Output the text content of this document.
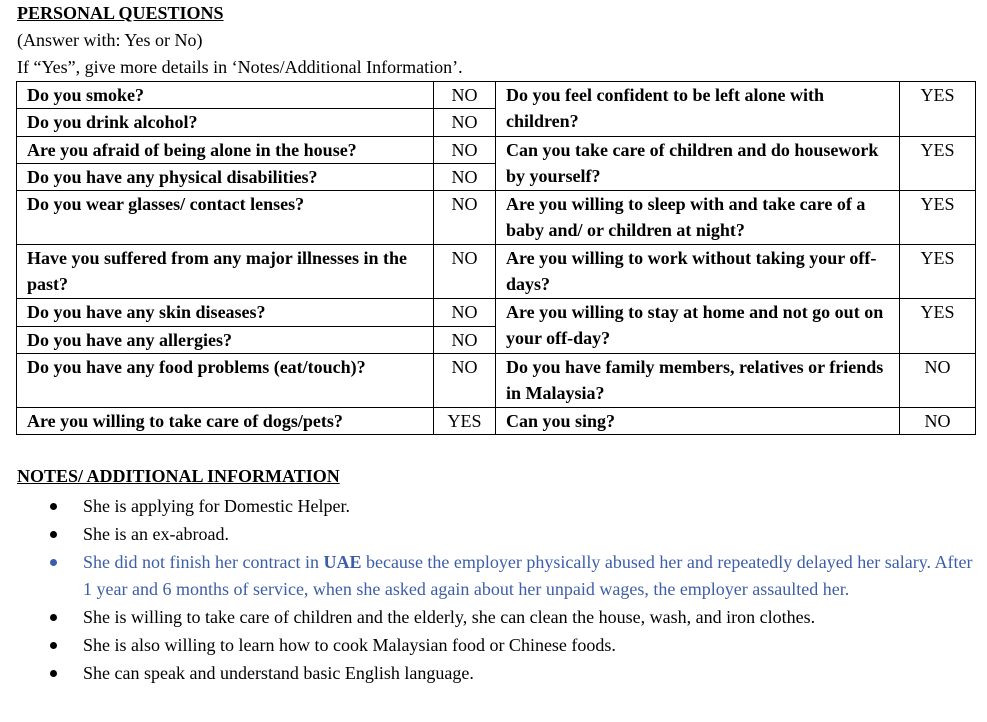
PERSONAL QUESTIONS
(Answer with: Yes or No)
If “Yes”, give more details in ‘Notes/Additional Information’.
Do you smoke?	NO	Do you feel confident to be left alone with children?	YES
Do you drink alcohol?	NO		
Are you afraid of being alone in the house?	NO	Can you take care of children and do housework by yourself?	YES
Do you have any physical disabilities?	NO		
Do you wear glasses/ contact lenses?	NO	Are you willing to sleep with and take care of a baby and/ or children at night?	YES
Have you suffered from any major illnesses in the past?	NO	Are you willing to work without taking your off-days?	YES
Do you have any skin diseases?	NO	Are you willing to stay at home and not go out on your off-day?	YES
Do you have any allergies?	NO		
Do you have any food problems (eat/touch)?	NO	Do you have family members, relatives or friends in Malaysia?	NO
Are you willing to take care of dogs/pets?	YES	Can you sing?	NO
NOTES/ ADDITIONAL INFORMATION
She is applying for Domestic Helper.
She is an ex-abroad.
She did not finish her contract in UAE because the employer physically abused her and repeatedly delayed her salary. After 1 year and 6 months of service, when she asked again about her unpaid wages, the employer assaulted her.
She is willing to take care of children and the elderly, she can clean the house, wash, and iron clothes.
She is also willing to learn how to cook Malaysian food or Chinese foods.
She can speak and understand basic English language.
